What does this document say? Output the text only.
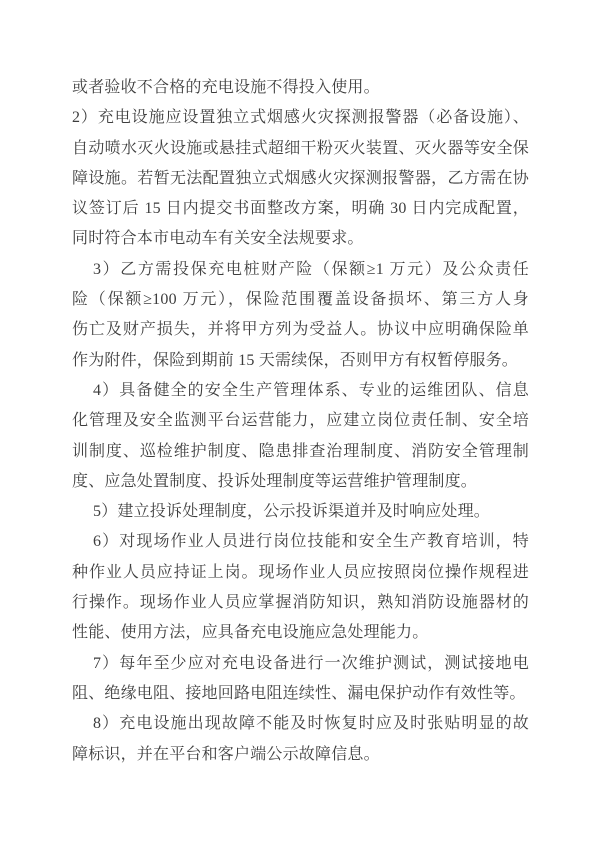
或者验收不合格的充电设施不得投入使用。
2）充电设施应设置独立式烟感火灾探测报警器（必备设施）、
自动喷水灭火设施或悬挂式超细干粉灭火装置、灭火器等安全保
障设施。若暂无法配置独立式烟感火灾探测报警器，乙方需在协
议签订后 15 日内提交书面整改方案，明确 30 日内完成配置，
同时符合本市电动车有关安全法规要求。
3）乙方需投保充电桩财产险（保额≥1 万元）及公众责任
险（保额≥100 万元），保险范围覆盖设备损坏、第三方人身
伤亡及财产损失，并将甲方列为受益人。协议中应明确保险单
作为附件，保险到期前 15 天需续保，否则甲方有权暂停服务。
4）具备健全的安全生产管理体系、专业的运维团队、信息
化管理及安全监测平台运营能力，应建立岗位责任制、安全培
训制度、巡检维护制度、隐患排查治理制度、消防安全管理制
度、应急处置制度、投诉处理制度等运营维护管理制度。
5）建立投诉处理制度，公示投诉渠道并及时响应处理。
6）对现场作业人员进行岗位技能和安全生产教育培训，特
种作业人员应持证上岗。现场作业人员应按照岗位操作规程进
行操作。现场作业人员应掌握消防知识，熟知消防设施器材的
性能、使用方法，应具备充电设施应急处理能力。
7）每年至少应对充电设备进行一次维护测试，测试接地电
阻、绝缘电阻、接地回路电阻连续性、漏电保护动作有效性等。
8）充电设施出现故障不能及时恢复时应及时张贴明显的故
障标识，并在平台和客户端公示故障信息。
